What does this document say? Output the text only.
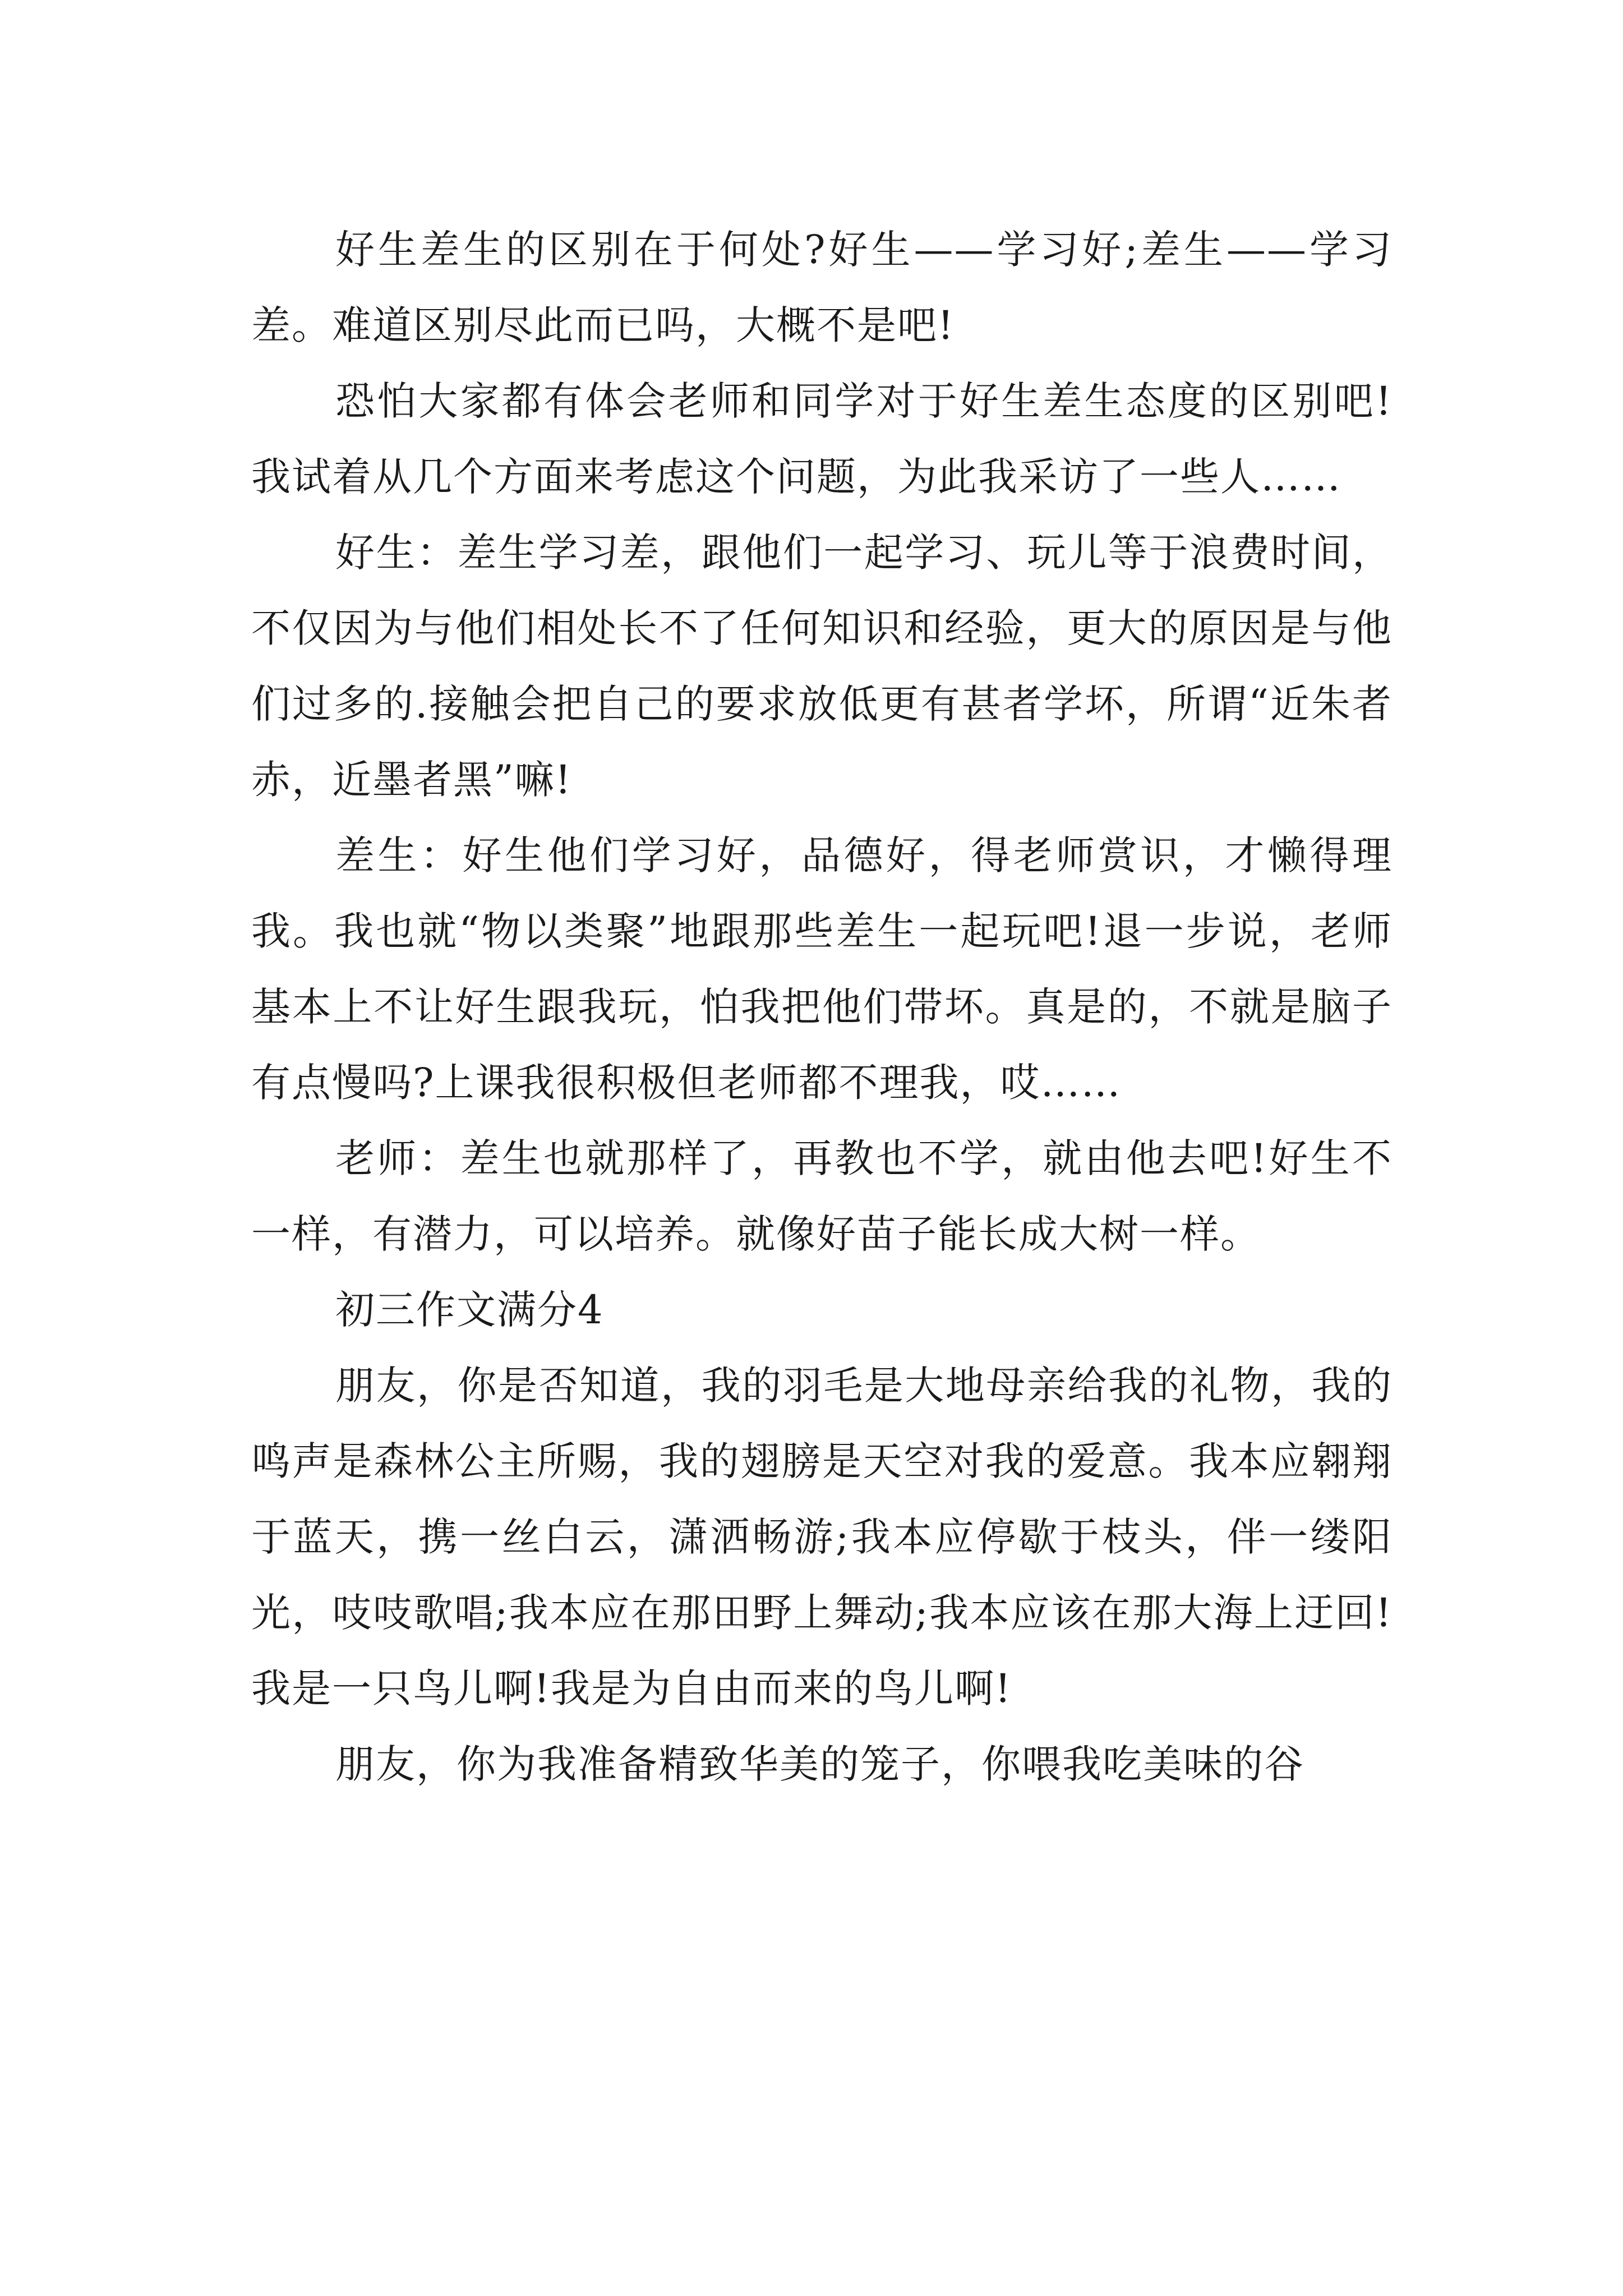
好生差生的区别在于何处?好生——学习好;差生——学习差。难道区别尽此而已吗，大概不是吧!

恐怕大家都有体会老师和同学对于好生差生态度的区别吧!我试着从几个方面来考虑这个问题，为此我采访了一些人……

好生：差生学习差，跟他们一起学习、玩儿等于浪费时间，不仅因为与他们相处长不了任何知识和经验，更大的原因是与他们过多的.接触会把自己的要求放低更有甚者学坏，所谓“近朱者赤，近墨者黑”嘛!

差生：好生他们学习好，品德好，得老师赏识，才懒得理我。我也就“物以类聚”地跟那些差生一起玩吧!退一步说，老师基本上不让好生跟我玩，怕我把他们带坏。真是的，不就是脑子有点慢吗?上课我很积极但老师都不理我，哎……

老师：差生也就那样了，再教也不学，就由他去吧!好生不一样，有潜力，可以培养。就像好苗子能长成大树一样。

初三作文满分4

朋友，你是否知道，我的羽毛是大地母亲给我的礼物，我的鸣声是森林公主所赐，我的翅膀是天空对我的爱意。我本应翱翔于蓝天，携一丝白云，潇洒畅游;我本应停歇于枝头，伴一缕阳光，吱吱歌唱;我本应在那田野上舞动;我本应该在那大海上迂回!我是一只鸟儿啊!我是为自由而来的鸟儿啊!

朋友，你为我准备精致华美的笼子，你喂我吃美味的谷
